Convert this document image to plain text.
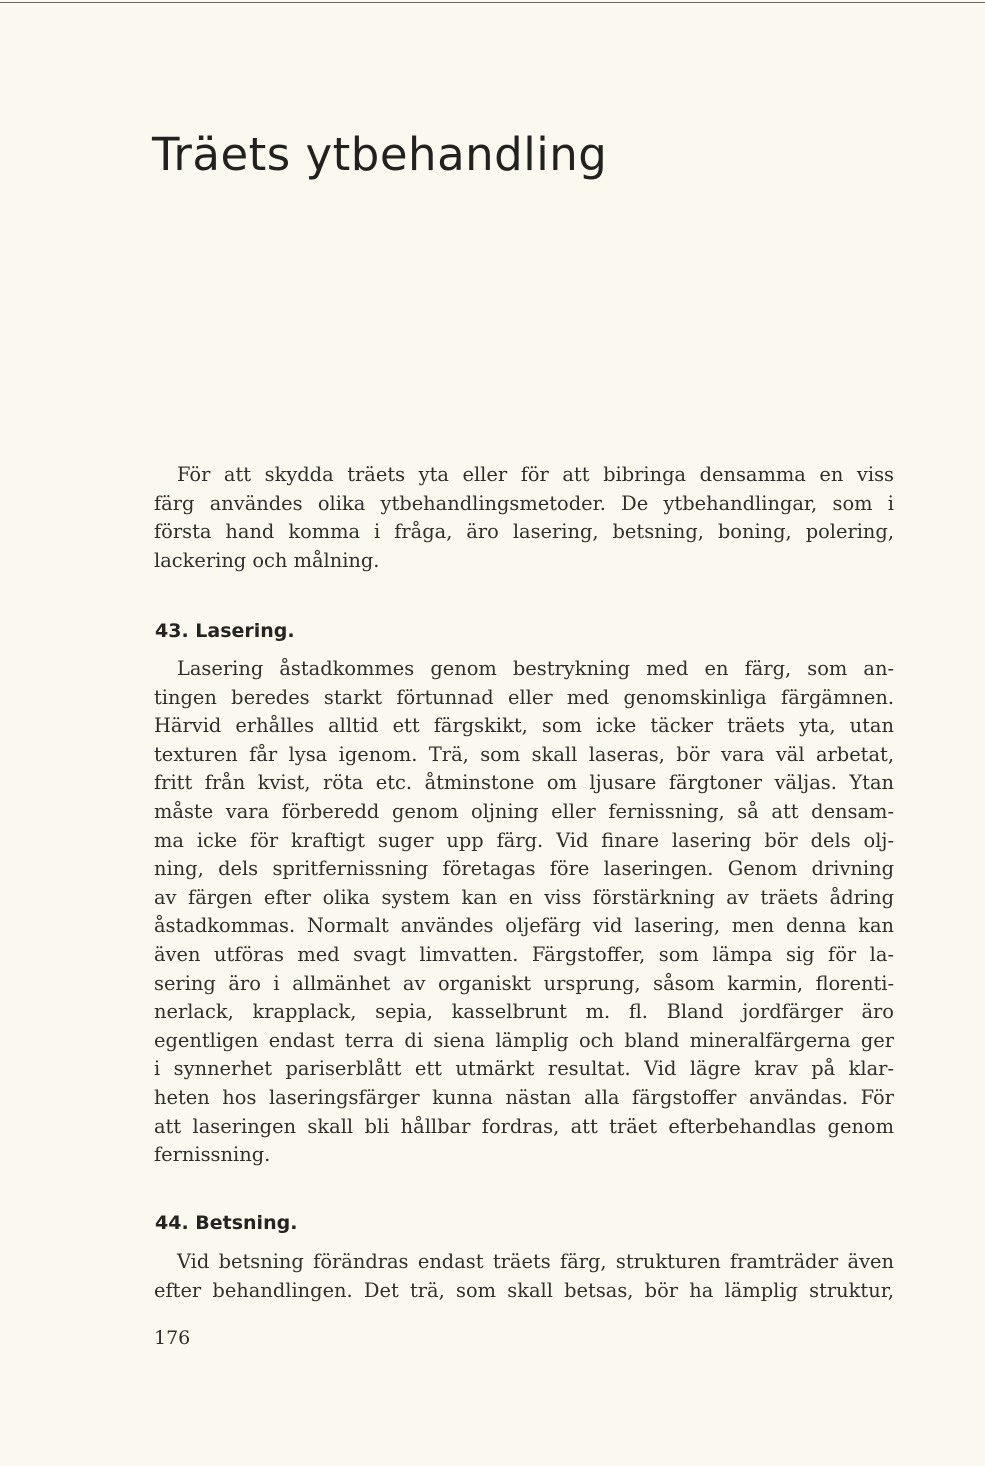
Träets ytbehandling
För att skydda träets yta eller för att bibringa densamma en viss
färg användes olika ytbehandlingsmetoder. De ytbehandlingar, som i
första hand komma i fråga, äro lasering, betsning, boning, polering,
lackering och målning.
43. Lasering.
Lasering åstadkommes genom bestrykning med en färg, som an-
tingen beredes starkt förtunnad eller med genomskinliga färgämnen.
Härvid erhålles alltid ett färgskikt, som icke täcker träets yta, utan
texturen får lysa igenom. Trä, som skall laseras, bör vara väl arbetat,
fritt från kvist, röta etc. åtminstone om ljusare färgtoner väljas. Ytan
måste vara förberedd genom oljning eller fernissning, så att densam-
ma icke för kraftigt suger upp färg. Vid finare lasering bör dels olj-
ning, dels spritfernissning företagas före laseringen. Genom drivning
av färgen efter olika system kan en viss förstärkning av träets ådring
åstadkommas. Normalt användes oljefärg vid lasering, men denna kan
även utföras med svagt limvatten. Färgstoffer, som lämpa sig för la-
sering äro i allmänhet av organiskt ursprung, såsom karmin, florenti-
nerlack, krapplack, sepia, kasselbrunt m. fl. Bland jordfärger äro
egentligen endast terra di siena lämplig och bland mineralfärgerna ger
i synnerhet pariserblått ett utmärkt resultat. Vid lägre krav på klar-
heten hos laseringsfärger kunna nästan alla färgstoffer användas. För
att laseringen skall bli hållbar fordras, att träet efterbehandlas genom
fernissning.
44. Betsning.
Vid betsning förändras endast träets färg, strukturen framträder även
efter behandlingen. Det trä, som skall betsas, bör ha lämplig struktur,
176
